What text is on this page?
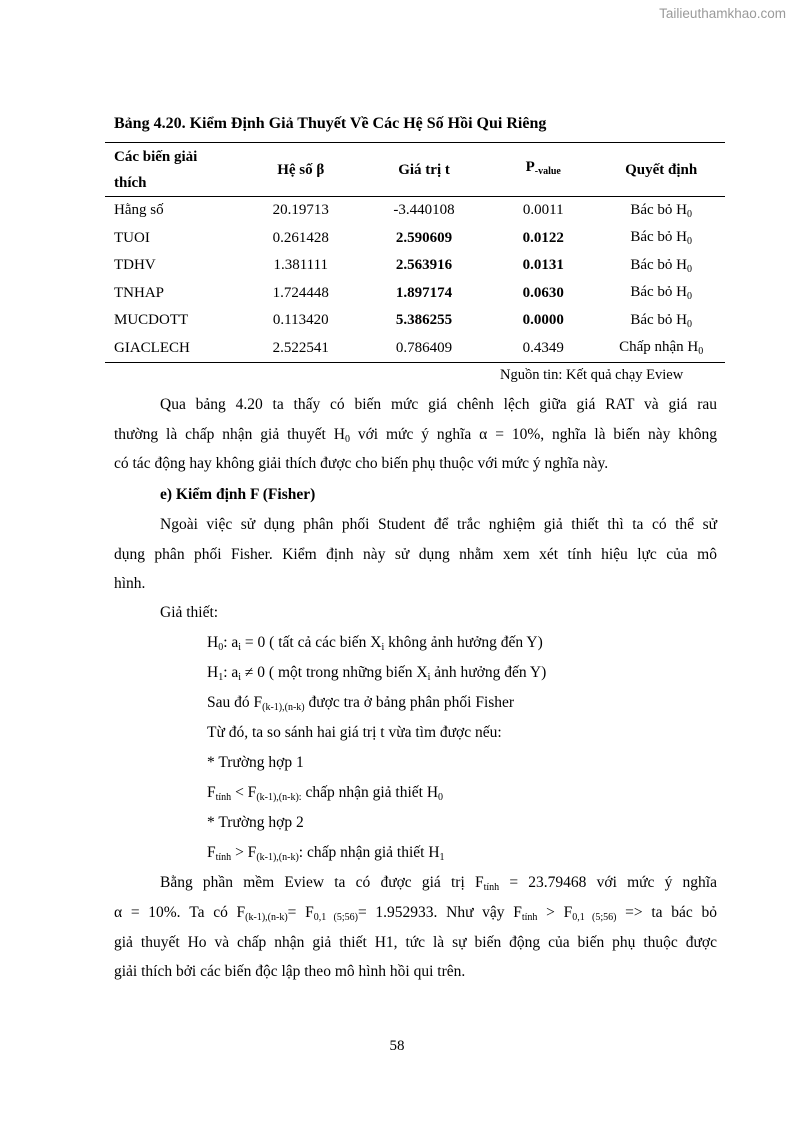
Tailieuthamkhao.com
Bảng 4.20. Kiểm Định Giả Thuyết Về Các Hệ Số Hồi Qui Riêng
Các biến giải
thích	Hệ số β	Giá trị t	$P_{-value}$	Quyết định
Hằng số	20.19713	-3.440108	0.0011	Bác bỏ $H_0$
TUOI	0.261428	2.590609	0.0122	Bác bỏ $H_0$
TDHV	1.381111	2.563916	0.0131	Bác bỏ $H_0$
TNHAP	1.724448	1.897174	0.0630	Bác bỏ $H_0$
MUCDOTT	0.113420	5.386255	0.0000	Bác bỏ $H_0$
GIACLECH	2.522541	0.786409	0.4349	Chấp nhận $H_0$
Nguồn tin: Kết quả chạy Eview
Qua bảng 4.20 ta thấy có biến mức giá chênh lệch giữa giá RAT và giá rau
thường là chấp nhận giả thuyết $H_0$ với mức ý nghĩa α = 10%, nghĩa là biến này không
có tác động hay không giải thích được cho biến phụ thuộc với mức ý nghĩa này.
e) Kiểm định F (Fisher)
Ngoài việc sử dụng phân phối Student để trắc nghiệm giả thiết thì ta có thể sử
dụng phân phối Fisher. Kiểm định này sử dụng nhằm xem xét tính hiệu lực của mô
hình.
Giả thiết:
$H_0$: $a_i = 0$ ( tất cả các biến $X_i$ không ảnh hưởng đến Y)
$H_1$: $a_i \ne 0$ ( một trong những biến $X_i$ ảnh hưởng đến Y)
Sau đó $F_{(k-1),(n-k)}$ được tra ở bảng phân phối Fisher
Từ đó, ta so sánh hai giá trị t vừa tìm được nếu:
* Trường hợp 1
$F_{tính} < F_{(k-1),(n-k):}$ chấp nhận giả thiết $H_0$
* Trường hợp 2
$F_{tính} > F_{(k-1),(n-k)}$: chấp nhận giả thiết $H_1$
Bằng phần mềm Eview ta có được giá trị $F_{tính} = 23.79468$ với mức ý nghĩa
α = 10%. Ta có $F_{(k-1),(n-k)}= F_{0,1 (5;56)}= 1.952933$. Như vậy $F_{tính} > F_{0,1 (5;56)}$ => ta bác bỏ
giả thuyết Ho và chấp nhận giả thiết H1, tức là sự biến động của biến phụ thuộc được
giải thích bởi các biến độc lập theo mô hình hồi qui trên.
58
